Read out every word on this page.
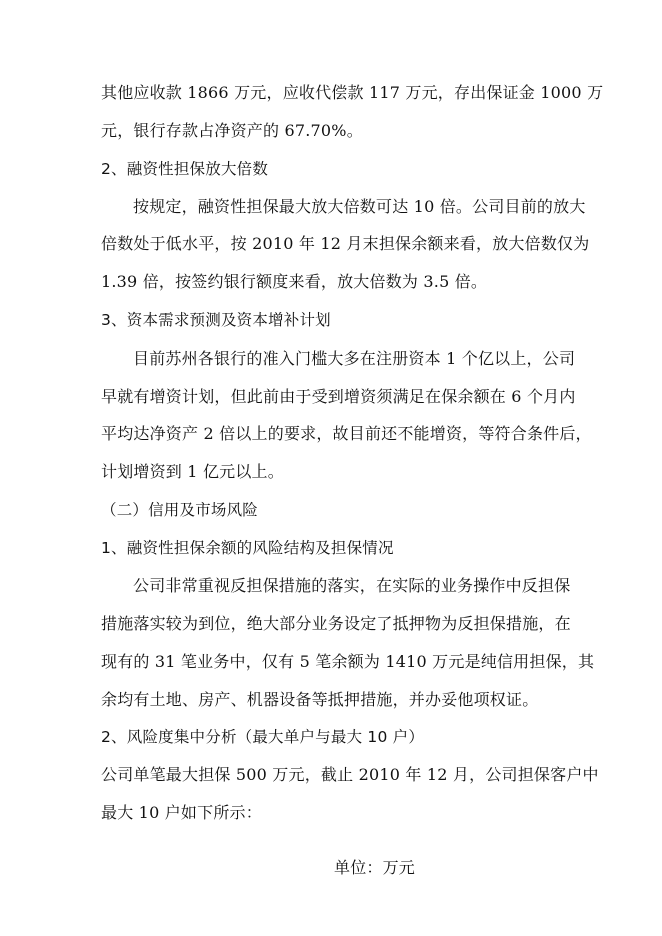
其他应收款 1866 万元，应收代偿款 117 万元，存出保证金 1000 万
元，银行存款占净资产的 67.70%。
2、融资性担保放大倍数
按规定，融资性担保最大放大倍数可达 10 倍。公司目前的放大
倍数处于低水平，按 2010 年 12 月末担保余额来看，放大倍数仅为
1.39 倍，按签约银行额度来看，放大倍数为 3.5 倍。
3、资本需求预测及资本增补计划
目前苏州各银行的准入门槛大多在注册资本 1 个亿以上，公司
早就有增资计划，但此前由于受到增资须满足在保余额在 6 个月内
平均达净资产 2 倍以上的要求，故目前还不能增资，等符合条件后，
计划增资到 1 亿元以上。
（二）信用及市场风险
1、融资性担保余额的风险结构及担保情况
公司非常重视反担保措施的落实，在实际的业务操作中反担保
措施落实较为到位，绝大部分业务设定了抵押物为反担保措施，在
现有的 31 笔业务中，仅有 5 笔余额为 1410 万元是纯信用担保，其
余均有土地、房产、机器设备等抵押措施，并办妥他项权证。
2、风险度集中分析（最大单户与最大 10 户）
公司单笔最大担保 500 万元，截止 2010 年 12 月，公司担保客户中
最大 10 户如下所示：
单位：万元
